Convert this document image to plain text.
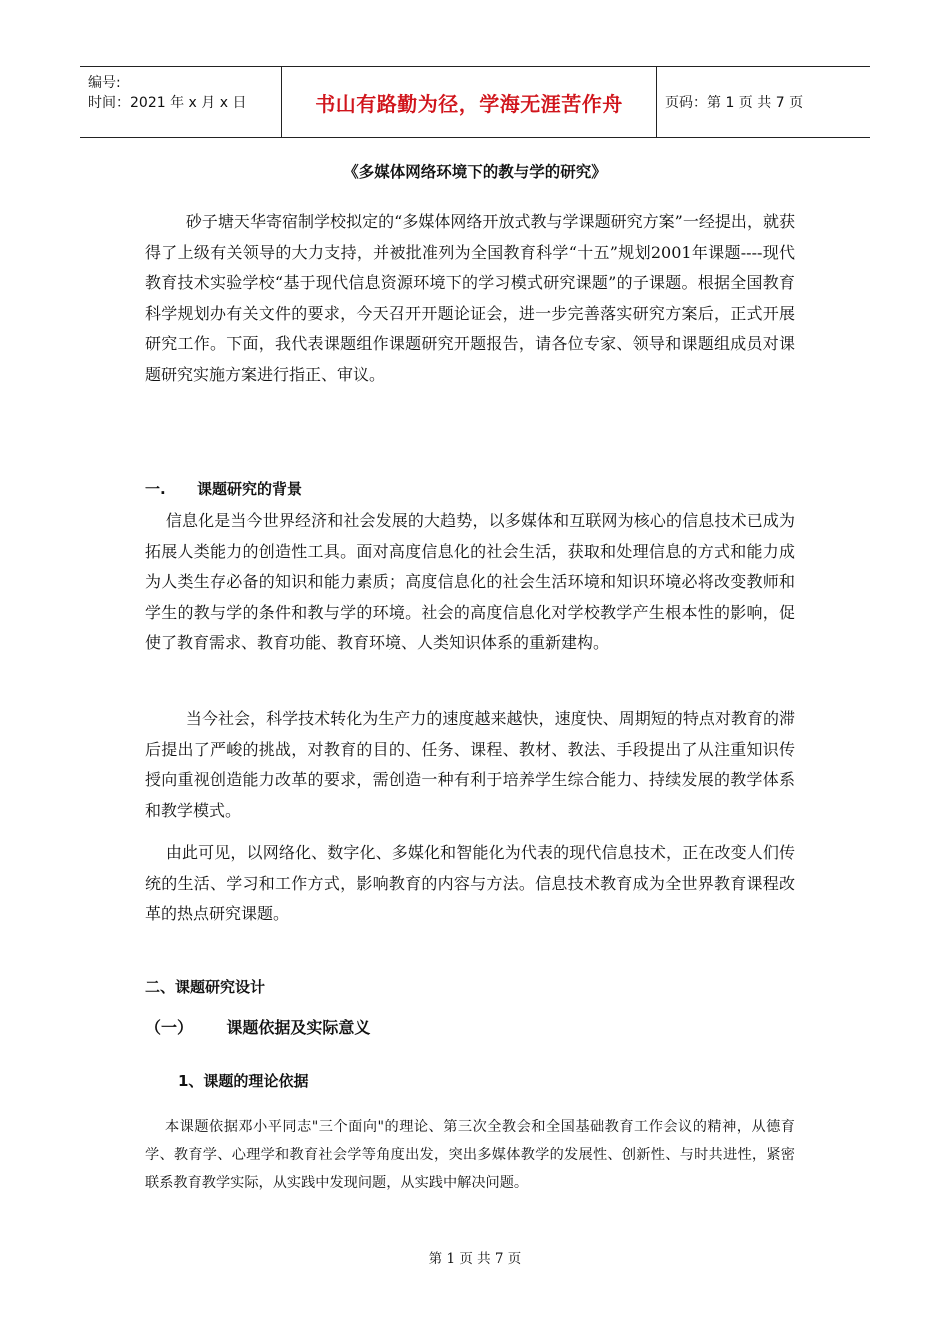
编号:
时间：2021 年 x 月 x 日	书山有路勤为径，学海无涯苦作舟	页码：第 1 页 共 7 页
《多媒体网络环境下的教与学的研究》

砂子塘天华寄宿制学校拟定的“多媒体网络开放式教与学课题研究方案”一经提出，就获得了上级有关领导的大力支持，并被批准列为全国教育科学“十五”规划2001年课题----现代教育技术实验学校“基于现代信息资源环境下的学习模式研究课题”的子课题。根据全国教育科学规划办有关文件的要求，今天召开开题论证会，进一步完善落实研究方案后，正式开展研究工作。下面，我代表课题组作课题研究开题报告，请各位专家、领导和课题组成员对课题研究实施方案进行指正、审议。

一.      课题研究的背景

信息化是当今世界经济和社会发展的大趋势，以多媒体和互联网为核心的信息技术已成为拓展人类能力的创造性工具。面对高度信息化的社会生活，获取和处理信息的方式和能力成为人类生存必备的知识和能力素质；高度信息化的社会生活环境和知识环境必将改变教师和学生的教与学的条件和教与学的环境。社会的高度信息化对学校教学产生根本性的影响，促使了教育需求、教育功能、教育环境、人类知识体系的重新建构。

当今社会，科学技术转化为生产力的速度越来越快，速度快、周期短的特点对教育的滞后提出了严峻的挑战，对教育的目的、任务、课程、教材、教法、手段提出了从注重知识传授向重视创造能力改革的要求，需创造一种有利于培养学生综合能力、持续发展的教学体系和教学模式。

由此可见，以网络化、数字化、多媒化和智能化为代表的现代信息技术，正在改变人们传统的生活、学习和工作方式，影响教育的内容与方法。信息技术教育成为全世界教育课程改革的热点研究课题。

二、课题研究设计

（一）      课题依据及实际意义

1、课题的理论依据

本课题依据邓小平同志"三个面向"的理论、第三次全教会和全国基础教育工作会议的精神，从德育学、教育学、心理学和教育社会学等角度出发，突出多媒体教学的发展性、创新性、与时共进性，紧密联系教育教学实际，从实践中发现问题，从实践中解决问题。

第 1 页 共 7 页
